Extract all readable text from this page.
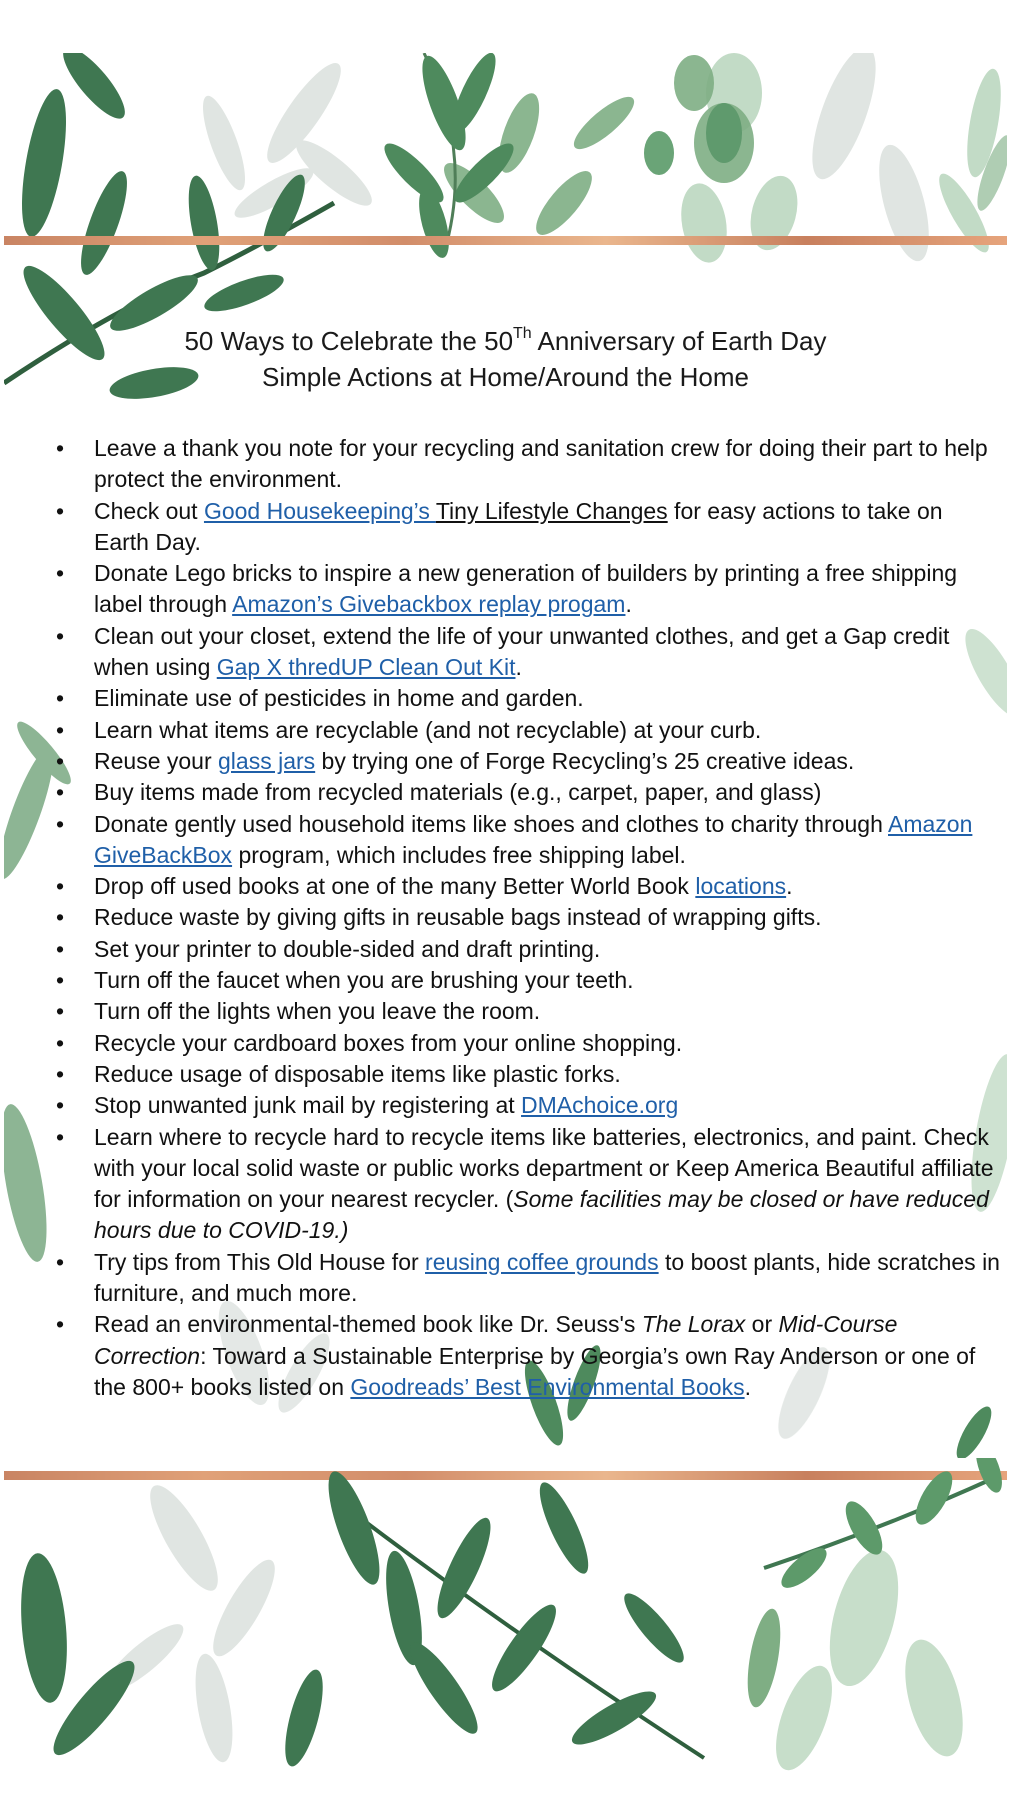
50 Ways to Celebrate the 50Th Anniversary of Earth Day
Simple Actions at Home/Around the Home
• Leave a thank you note for your recycling and sanitation crew for doing their part to help protect the environment.
• Check out Good Housekeeping’s Tiny Lifestyle Changes for easy actions to take on Earth Day.
• Donate Lego bricks to inspire a new generation of builders by printing a free shipping label through Amazon’s Givebackbox replay progam.
• Clean out your closet, extend the life of your unwanted clothes, and get a Gap credit when using Gap X thredUP Clean Out Kit.
• Eliminate use of pesticides in home and garden.
• Learn what items are recyclable (and not recyclable) at your curb.
• Reuse your glass jars by trying one of Forge Recycling’s 25 creative ideas.
• Buy items made from recycled materials (e.g., carpet, paper, and glass)
• Donate gently used household items like shoes and clothes to charity through Amazon GiveBackBox program, which includes free shipping label.
• Drop off used books at one of the many Better World Book locations.
• Reduce waste by giving gifts in reusable bags instead of wrapping gifts.
• Set your printer to double-sided and draft printing.
• Turn off the faucet when you are brushing your teeth.
• Turn off the lights when you leave the room.
• Recycle your cardboard boxes from your online shopping.
• Reduce usage of disposable items like plastic forks.
• Stop unwanted junk mail by registering at DMAchoice.org
• Learn where to recycle hard to recycle items like batteries, electronics, and paint. Check with your local solid waste or public works department or Keep America Beautiful affiliate for information on your nearest recycler. (Some facilities may be closed or have reduced hours due to COVID-19.)
• Try tips from This Old House for reusing coffee grounds to boost plants, hide scratches in furniture, and much more.
• Read an environmental-themed book like Dr. Seuss's The Lorax or Mid-Course Correction: Toward a Sustainable Enterprise by Georgia’s own Ray Anderson or one of the 800+ books listed on Goodreads’ Best Environmental Books.
